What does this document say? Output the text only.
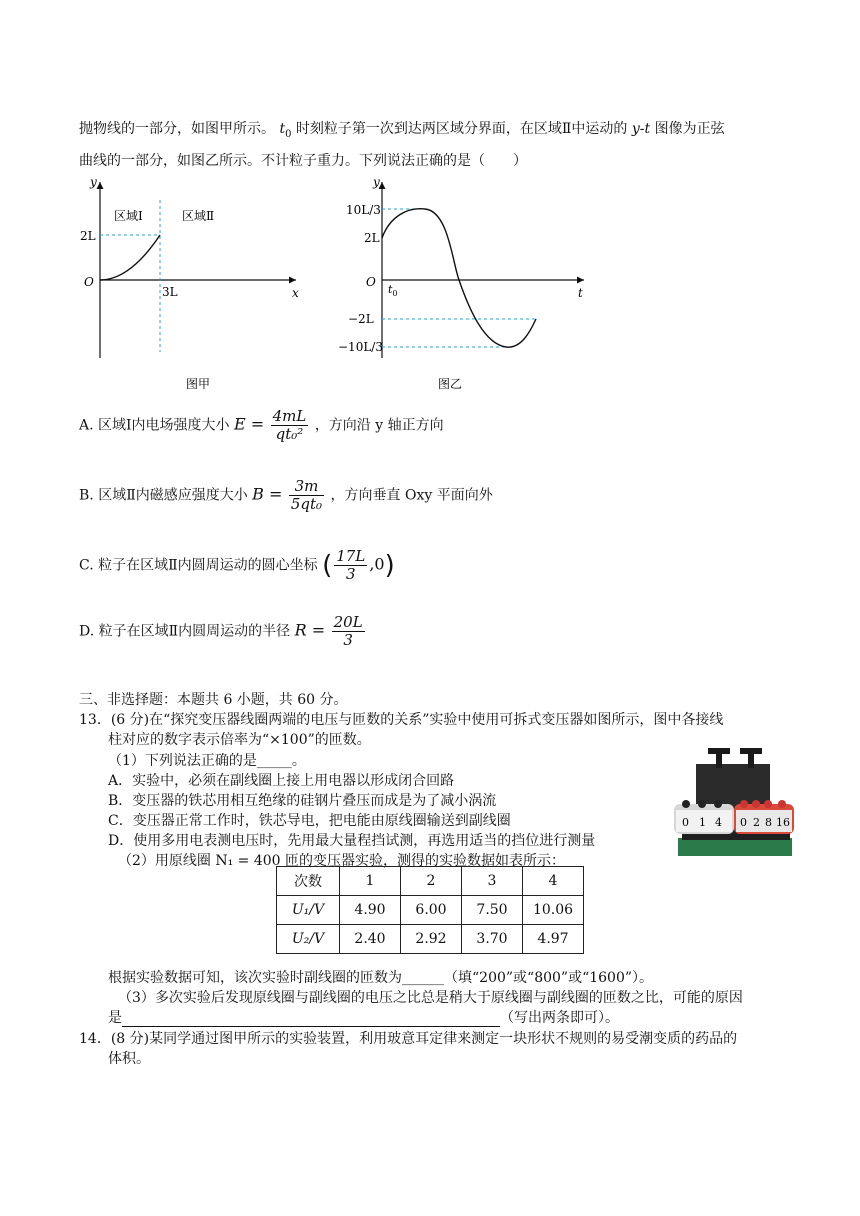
抛物线的一部分，如图甲所示。 $t_0$ 时刻粒子第一次到达两区域分界面，在区域Ⅱ中运动的 y-t 图像为正弦
曲线的一部分，如图乙所示。不计粒子重力。下列说法正确的是（　　）
y
x
O
区域Ⅰ	区域Ⅱ
2L
3L
图甲
y
t
O
$t_0$
10L/3
2L
−2L
−10L/3
图乙
A. 区域Ⅰ内电场强度大小 $E = \frac{4mL}{\text{qt₀²}}$ ，方向沿 y 轴正方向
B. 区域Ⅱ内磁感应强度大小 $B = \frac{3m}{\text{5qt₀}}$ ，方向垂直 Oxy 平面向外
C. 粒子在区域Ⅱ内圆周运动的圆心坐标 ( $\frac{17L}{3} ,0$)
D. 粒子在区域Ⅱ内圆周运动的半径 $R = \frac{20L}{3}$
三、非选择题：本题共 6 小题，共 60 分。
13．(6 分)在“探究变压器线圈两端的电压与匝数的关系”实验中使用可拆式变压器如图所示，图中各接线
柱对应的数字表示倍率为“×100”的匝数。
（1）下列说法正确的是_____。
A．实验中，必须在副线圈上接上用电器以形成闭合回路
B．变压器的铁芯用相互绝缘的硅钢片叠压而成是为了减小涡流
C．变压器正常工作时，铁芯导电，把电能由原线圈输送到副线圈
D．使用多用电表测电压时，先用最大量程挡试测，再选用适当的挡位进行测量
（2）用原线圈 N₁ = 400 匝的变压器实验，测得的实验数据如表所示：
0 1 4 0 2 8 16
次数	1	2	3	4
U₁/V	4.90	6.00	7.50	10.06
U₂/V	2.40	2.92	3.70	4.97
根据实验数据可知，该次实验时副线圈的匝数为______（填“200”或“800”或“1600”）。
（3）多次实验后发现原线圈与副线圈的电压之比总是稍大于原线圈与副线圈的匝数之比，可能的原因
是	（写出两条即可）。
14．(8 分)某同学通过图甲所示的实验装置，利用玻意耳定律来测定一块形状不规则的易受潮变质的药品的
体积。
